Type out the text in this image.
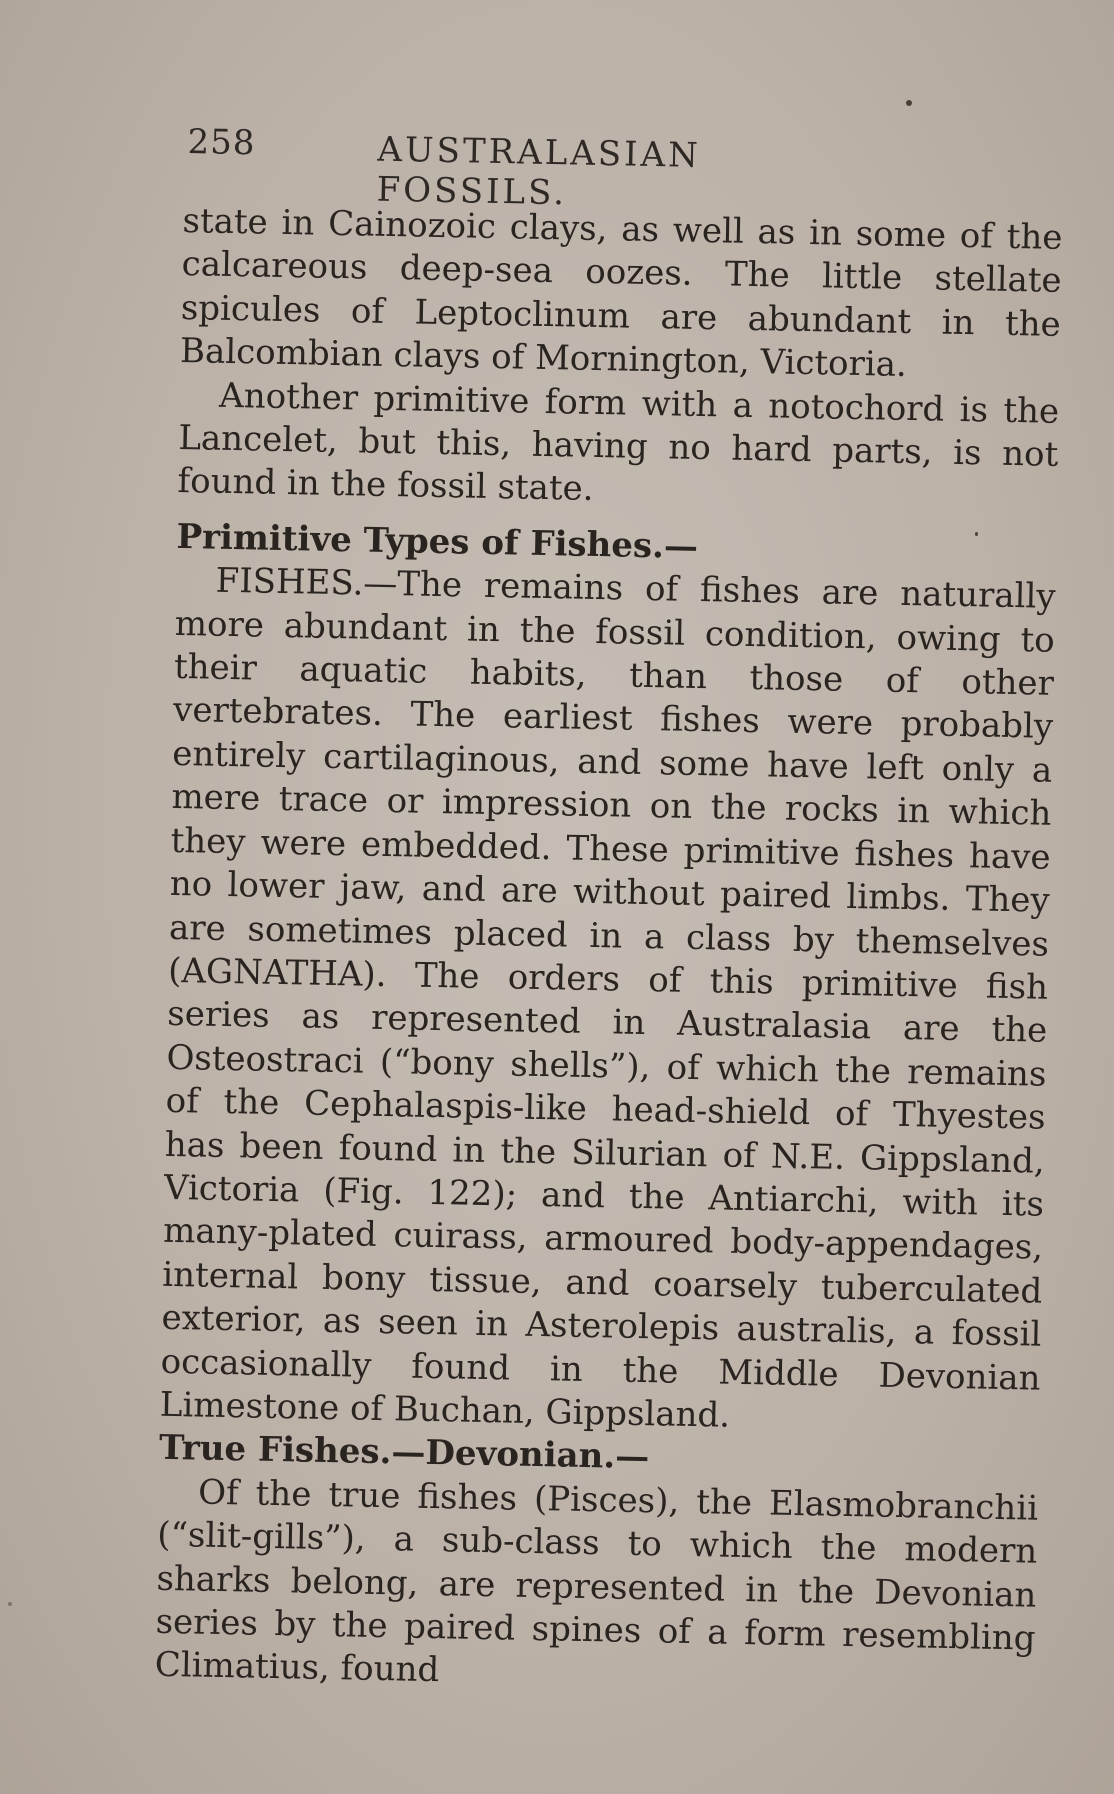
258	AUSTRALASIAN FOSSILS.

state in Cainozoic clays, as well as in some of the calcareous deep-sea oozes. The little stellate spicules of Leptoclinum are abundant in the Balcombian clays of Mornington, Victoria.

Another primitive form with a notochord is the Lancelet, but this, having no hard parts, is not found in the fossil state.

Primitive Types of Fishes.—

FISHES.—The remains of fishes are naturally more abundant in the fossil condition, owing to their aquatic habits, than those of other vertebrates. The earliest fishes were probably entirely cartilaginous, and some have left only a mere trace or impression on the rocks in which they were embedded. These primitive fishes have no lower jaw, and are without paired limbs. They are sometimes placed in a class by themselves (AGNATHA). The orders of this primitive fish series as represented in Australasia are the Osteostraci (“bony shells”), of which the remains of the Cephalaspis-like head-shield of Thyestes has been found in the Silurian of N.E. Gippsland, Victoria (Fig. 122); and the Antiarchi, with its many-plated cuirass, armoured body-appendages, internal bony tissue, and coarsely tuberculated exterior, as seen in Asterolepis australis, a fossil occasionally found in the Middle Devonian Limestone of Buchan, Gippsland.

True Fishes.—Devonian.—

Of the true fishes (Pisces), the Elasmobranchii (“slit-gills”), a sub-class to which the modern sharks belong, are represented in the Devonian series by the paired spines of a form resembling Climatius, found
